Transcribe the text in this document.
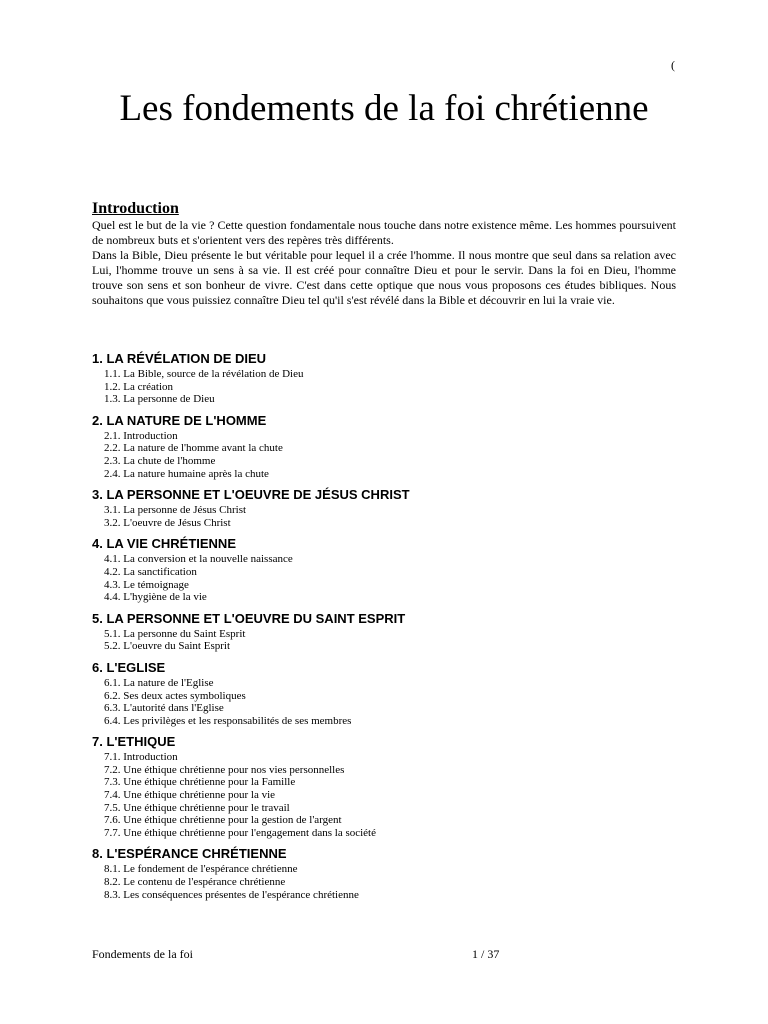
(
Les fondements de la foi chrétienne

Introduction

Quel est le but de la vie ? Cette question fondamentale nous touche dans notre existence même. Les hommes poursuivent de nombreux buts et s'orientent vers des repères très différents.

Dans la Bible, Dieu présente le but véritable pour lequel il a crée l'homme. Il nous montre que seul dans sa relation avec Lui, l'homme trouve un sens à sa vie. Il est créé pour connaître Dieu et pour le servir. Dans la foi en Dieu, l'homme trouve son sens et son bonheur de vivre. C'est dans cette optique que nous vous proposons ces études bibliques. Nous souhaitons que vous puissiez connaître Dieu tel qu'il s'est révélé dans la Bible et découvrir en lui la vraie vie.

1. LA RÉVÉLATION DE DIEU
1.1. La Bible, source de la révélation de Dieu
1.2. La création
1.3. La personne de Dieu
2. LA NATURE DE L'HOMME
2.1. Introduction
2.2. La nature de l'homme avant la chute
2.3. La chute de l'homme
2.4. La nature humaine après la chute
3. LA PERSONNE ET L'OEUVRE DE JÉSUS CHRIST
3.1. La personne de Jésus Christ
3.2. L'oeuvre de Jésus Christ
4. LA VIE CHRÉTIENNE
4.1. La conversion et la nouvelle naissance
4.2. La sanctification
4.3. Le témoignage
4.4. L'hygiène de la vie
5. LA PERSONNE ET L'OEUVRE DU SAINT ESPRIT
5.1. La personne du Saint Esprit
5.2. L'oeuvre du Saint Esprit
6. L'EGLISE
6.1. La nature de l'Eglise
6.2. Ses deux actes symboliques
6.3. L'autorité dans l'Eglise
6.4. Les privilèges et les responsabilités de ses membres
7. L'ETHIQUE
7.1. Introduction
7.2. Une éthique chrétienne pour nos vies personnelles
7.3. Une éthique chrétienne pour la Famille
7.4. Une éthique chrétienne pour la vie
7.5. Une éthique chrétienne pour le travail
7.6. Une éthique chrétienne pour la gestion de l'argent
7.7. Une éthique chrétienne pour l'engagement dans la société
8. L'ESPÉRANCE CHRÉTIENNE
8.1. Le fondement de l'espérance chrétienne
8.2. Le contenu de l'espérance chrétienne
8.3. Les conséquences présentes de l'espérance chrétienne
Fondements de la foi	1 / 37
